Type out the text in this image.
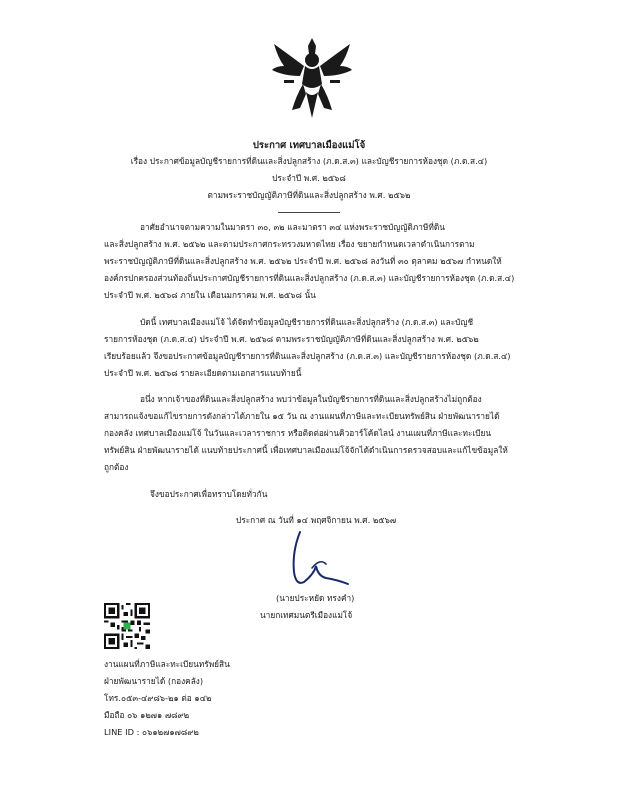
ประกาศ เทศบาลเมืองแม่โจ้
เรื่อง ประกาศข้อมูลบัญชีรายการที่ดินและสิ่งปลูกสร้าง (ภ.ด.ส.๓) และบัญชีรายการห้องชุด (ภ.ด.ส.๔)
ประจำปี พ.ศ. ๒๕๖๘
ตามพระราชบัญญัติภาษีที่ดินและสิ่งปลูกสร้าง พ.ศ. ๒๕๖๒
อาศัยอำนาจตามความในมาตรา ๓๐, ๓๒ และมาตรา ๓๔ แห่งพระราชบัญญัติภาษีที่ดิน
และสิ่งปลูกสร้าง พ.ศ. ๒๕๖๒ และตามประกาศกระทรวงมหาดไทย เรื่อง ขยายกำหนดเวลาดำเนินการตาม
พระราชบัญญัติภาษีที่ดินและสิ่งปลูกสร้าง พ.ศ. ๒๕๖๒ ประจำปี พ.ศ. ๒๕๖๘ ลงวันที่ ๓๐ ตุลาคม ๒๕๖๗ กำหนดให้
องค์กรปกครองส่วนท้องถิ่นประกาศบัญชีรายการที่ดินและสิ่งปลูกสร้าง (ภ.ด.ส.๓) และบัญชีรายการห้องชุด (ภ.ด.ส.๔)
ประจำปี พ.ศ. ๒๕๖๘ ภายใน เดือนมกราคม พ.ศ. ๒๕๖๘ นั้น
บัดนี้ เทศบาลเมืองแม่โจ้ ได้จัดทำข้อมูลบัญชีรายการที่ดินและสิ่งปลูกสร้าง (ภ.ด.ส.๓) และบัญชี
รายการห้องชุด (ภ.ด.ส.๔) ประจำปี พ.ศ. ๒๕๖๘ ตามพระราชบัญญัติภาษีที่ดินและสิ่งปลูกสร้าง พ.ศ. ๒๕๖๒
เรียบร้อยแล้ว จึงขอประกาศข้อมูลบัญชีรายการที่ดินและสิ่งปลูกสร้าง (ภ.ด.ส.๓) และบัญชีรายการห้องชุด (ภ.ด.ส.๔)
ประจำปี พ.ศ. ๒๕๖๘ รายละเอียดตามเอกสารแนบท้ายนี้
อนึ่ง หากเจ้าของที่ดินและสิ่งปลูกสร้าง พบว่าข้อมูลในบัญชีรายการที่ดินและสิ่งปลูกสร้างไม่ถูกต้อง
สามารถแจ้งขอแก้ไขรายการดังกล่าวได้ภายใน ๑๕ วัน ณ งานแผนที่ภาษีและทะเบียนทรัพย์สิน ฝ่ายพัฒนารายได้
กองคลัง เทศบาลเมืองแม่โจ้ ในวันและเวลาราชการ หรือติดต่อผ่านคิวอาร์โค้ดไลน์ งานแผนที่ภาษีและทะเบียน
ทรัพย์สิน ฝ่ายพัฒนารายได้ แนบท้ายประกาศนี้ เพื่อเทศบาลเมืองแม่โจ้จักได้ดำเนินการตรวจสอบและแก้ไขข้อมูลให้
ถูกต้อง
จึงขอประกาศเพื่อทราบโดยทั่วกัน
ประกาศ ณ วันที่ ๑๔ พฤศจิกายน พ.ศ. ๒๕๖๗
(นายประหยัด ทรงคำ)
นายกเทศมนตรีเมืองแม่โจ้
งานแผนที่ภาษีและทะเบียนทรัพย์สิน
ฝ่ายพัฒนารายได้ (กองคลัง)
โทร.๐๕๓-๔๙๘๖-๒๑ ต่อ ๑๔๒
มือถือ ๐๖ ๑๒๗๑ ๗๘๙๒
LINE ID : ๐๖๑๒๗๑๗๘๙๒
